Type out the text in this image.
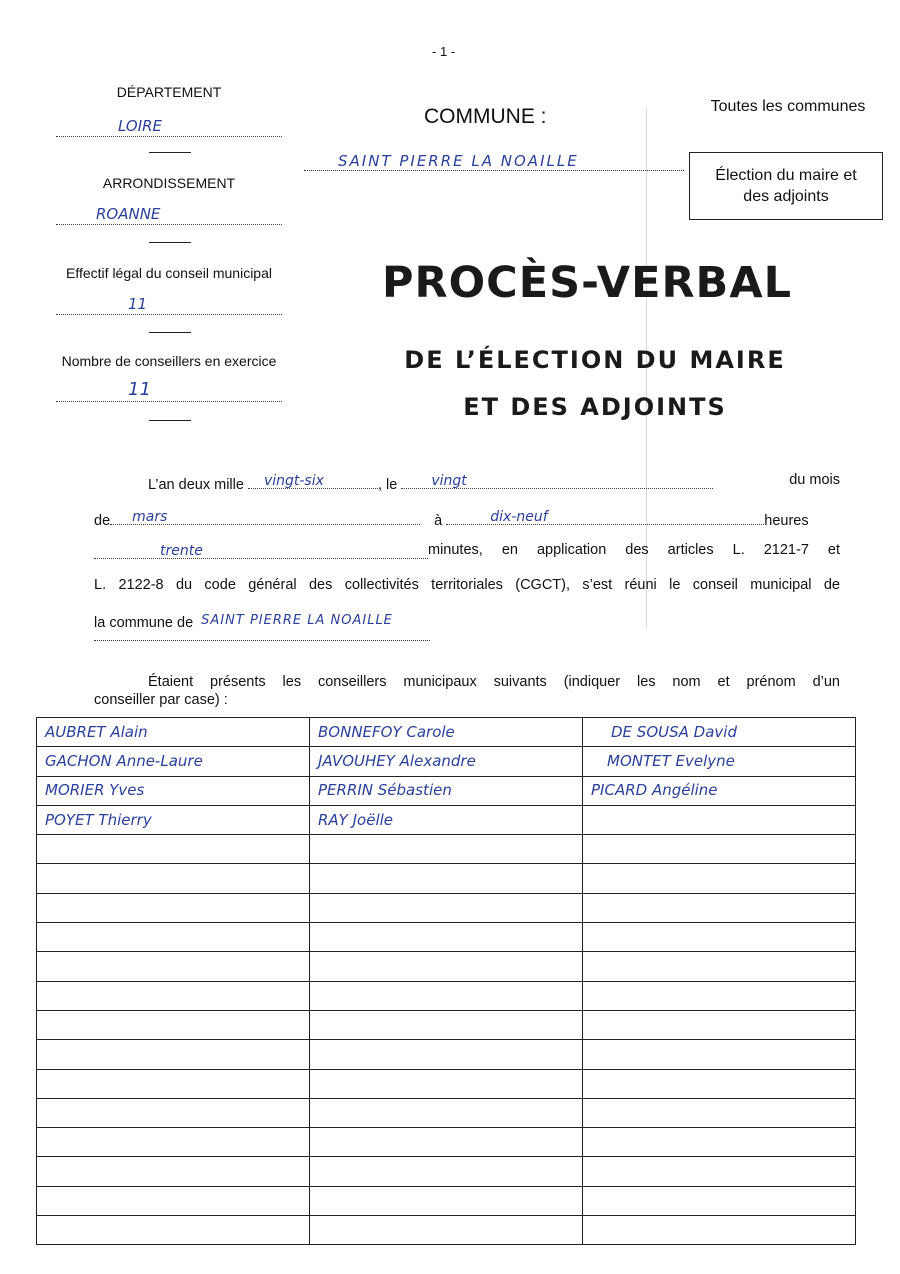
- 1 -
DÉPARTEMENT
LOIRE
ARRONDISSEMENT
ROANNE
Effectif légal du conseil municipal
11
Nombre de conseillers en exercice
11
COMMUNE :
SAINT PIERRE LA NOAILLE
Toutes les communes
Élection du maire et
des adjoints
PROCÈS-VERBAL
DE L’ÉLECTION DU MAIRE
ET DES ADJOINTS
L’an deux mille vingt-six	, le vingt	du mois
de mars	à	dix-neuf	heures
trente	minutes, en application des articles L. 2121-7 et
L. 2122-8 du code général des collectivités territoriales (CGCT), s’est réuni le conseil municipal de
la commune de SAINT PIERRE LA NOAILLE
Étaient présents les conseillers municipaux suivants (indiquer les nom et prénom d’un
conseiller par case) :
AUBRET Alain	BONNEFOY Carole	DE SOUSA David
GACHON Anne-Laure	JAVOUHEY Alexandre	MONTET Evelyne
MORIER Yves	PERRIN Sébastien	PICARD Angéline
POYET Thierry	RAY Joëlle	
